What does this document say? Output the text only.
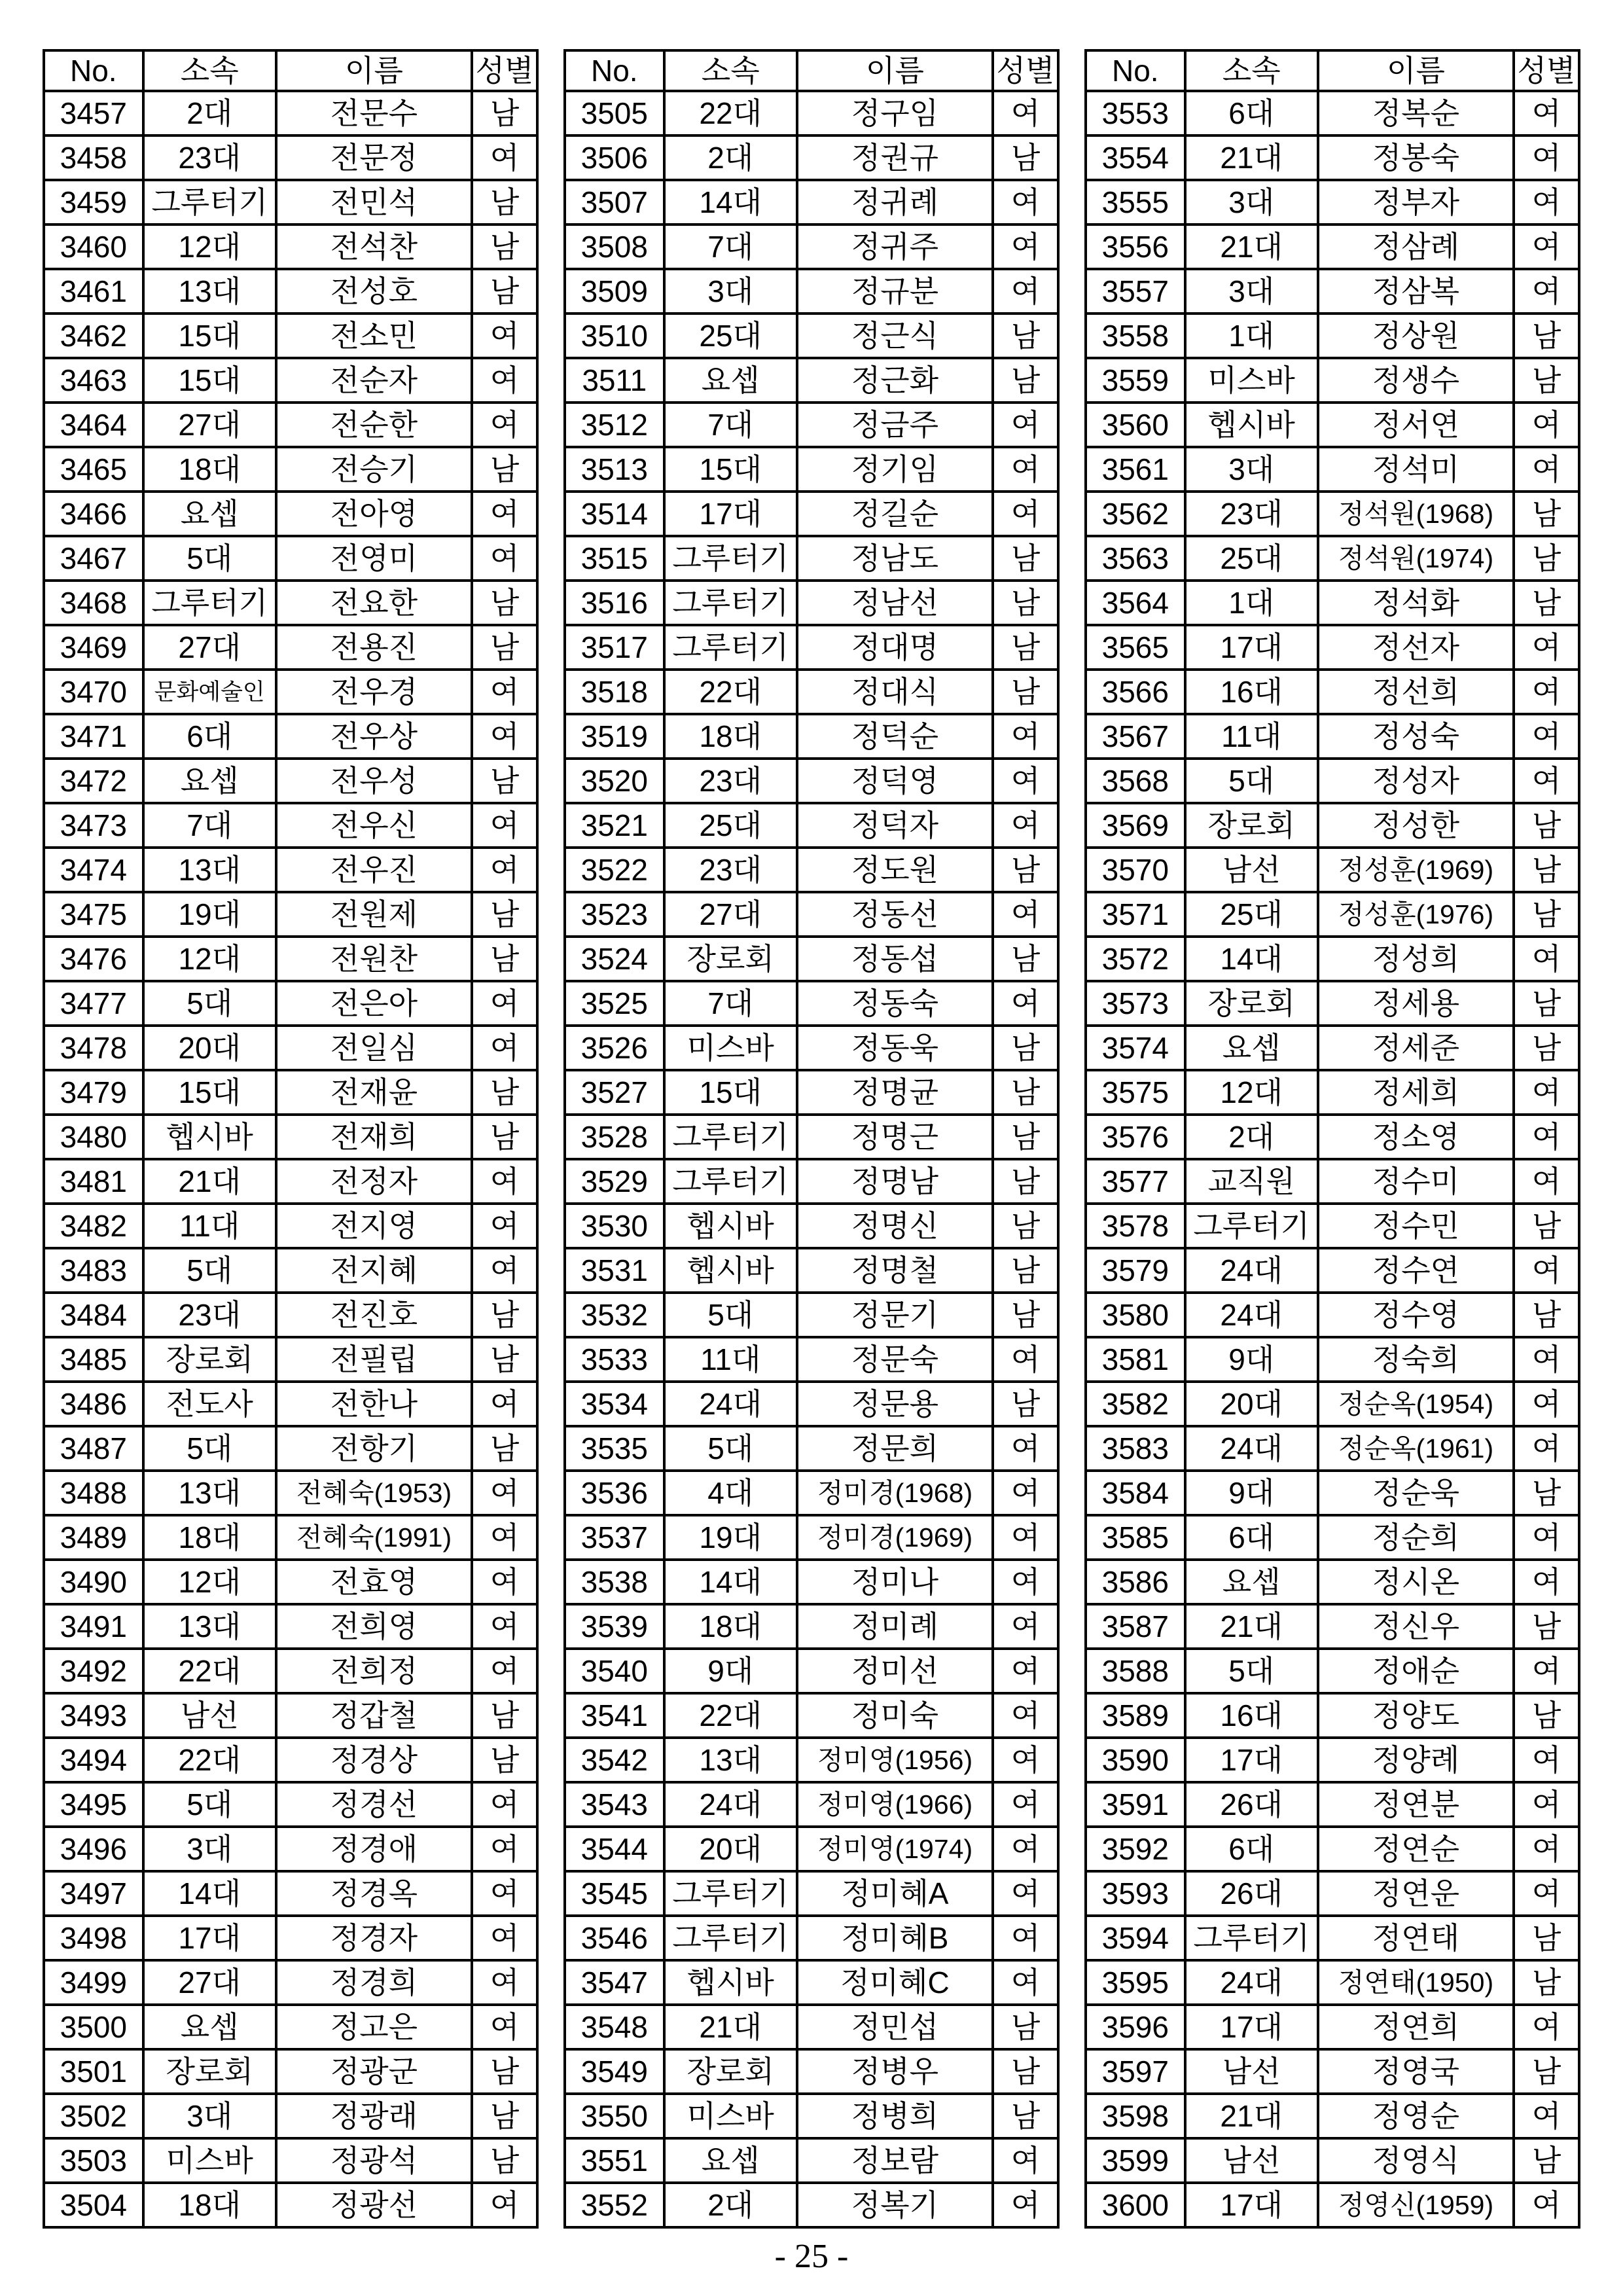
No.	소속	이름	성별
3457	2대	전문수	남
3458	23대	전문정	여
3459	그루터기	전민석	남
3460	12대	전석찬	남
3461	13대	전성호	남
3462	15대	전소민	여
3463	15대	전순자	여
3464	27대	전순한	여
3465	18대	전승기	남
3466	요셉	전아영	여
3467	5대	전영미	여
3468	그루터기	전요한	남
3469	27대	전용진	남
3470	문화예술인	전우경	여
3471	6대	전우상	여
3472	요셉	전우성	남
3473	7대	전우신	여
3474	13대	전우진	여
3475	19대	전원제	남
3476	12대	전원찬	남
3477	5대	전은아	여
3478	20대	전일심	여
3479	15대	전재윤	남
3480	헵시바	전재희	남
3481	21대	전정자	여
3482	11대	전지영	여
3483	5대	전지혜	여
3484	23대	전진호	남
3485	장로회	전필립	남
3486	전도사	전한나	여
3487	5대	전항기	남
3488	13대	전혜숙(1953)	여
3489	18대	전혜숙(1991)	여
3490	12대	전효영	여
3491	13대	전희영	여
3492	22대	전희정	여
3493	남선	정갑철	남
3494	22대	정경상	남
3495	5대	정경선	여
3496	3대	정경애	여
3497	14대	정경옥	여
3498	17대	정경자	여
3499	27대	정경희	여
3500	요셉	정고은	여
3501	장로회	정광군	남
3502	3대	정광래	남
3503	미스바	정광석	남
3504	18대	정광선	여
No.	소속	이름	성별
3505	22대	정구임	여
3506	2대	정권규	남
3507	14대	정귀례	여
3508	7대	정귀주	여
3509	3대	정규분	여
3510	25대	정근식	남
3511	요셉	정근화	남
3512	7대	정금주	여
3513	15대	정기임	여
3514	17대	정길순	여
3515	그루터기	정남도	남
3516	그루터기	정남선	남
3517	그루터기	정대명	남
3518	22대	정대식	남
3519	18대	정덕순	여
3520	23대	정덕영	여
3521	25대	정덕자	여
3522	23대	정도원	남
3523	27대	정동선	여
3524	장로회	정동섭	남
3525	7대	정동숙	여
3526	미스바	정동욱	남
3527	15대	정명균	남
3528	그루터기	정명근	남
3529	그루터기	정명남	남
3530	헵시바	정명신	남
3531	헵시바	정명철	남
3532	5대	정문기	남
3533	11대	정문숙	여
3534	24대	정문용	남
3535	5대	정문희	여
3536	4대	정미경(1968)	여
3537	19대	정미경(1969)	여
3538	14대	정미나	여
3539	18대	정미례	여
3540	9대	정미선	여
3541	22대	정미숙	여
3542	13대	정미영(1956)	여
3543	24대	정미영(1966)	여
3544	20대	정미영(1974)	여
3545	그루터기	정미혜A	여
3546	그루터기	정미혜B	여
3547	헵시바	정미혜C	여
3548	21대	정민섭	남
3549	장로회	정병우	남
3550	미스바	정병희	남
3551	요셉	정보람	여
3552	2대	정복기	여
No.	소속	이름	성별
3553	6대	정복순	여
3554	21대	정봉숙	여
3555	3대	정부자	여
3556	21대	정삼례	여
3557	3대	정삼복	여
3558	1대	정상원	남
3559	미스바	정생수	남
3560	헵시바	정서연	여
3561	3대	정석미	여
3562	23대	정석원(1968)	남
3563	25대	정석원(1974)	남
3564	1대	정석화	남
3565	17대	정선자	여
3566	16대	정선희	여
3567	11대	정성숙	여
3568	5대	정성자	여
3569	장로회	정성한	남
3570	남선	정성훈(1969)	남
3571	25대	정성훈(1976)	남
3572	14대	정성희	여
3573	장로회	정세용	남
3574	요셉	정세준	남
3575	12대	정세희	여
3576	2대	정소영	여
3577	교직원	정수미	여
3578	그루터기	정수민	남
3579	24대	정수연	여
3580	24대	정수영	남
3581	9대	정숙희	여
3582	20대	정순옥(1954)	여
3583	24대	정순옥(1961)	여
3584	9대	정순욱	남
3585	6대	정순희	여
3586	요셉	정시온	여
3587	21대	정신우	남
3588	5대	정애순	여
3589	16대	정양도	남
3590	17대	정양례	여
3591	26대	정연분	여
3592	6대	정연순	여
3593	26대	정연운	여
3594	그루터기	정연태	남
3595	24대	정연태(1950)	남
3596	17대	정연희	여
3597	남선	정영국	남
3598	21대	정영순	여
3599	남선	정영식	남
3600	17대	정영신(1959)	여
- 25 -
